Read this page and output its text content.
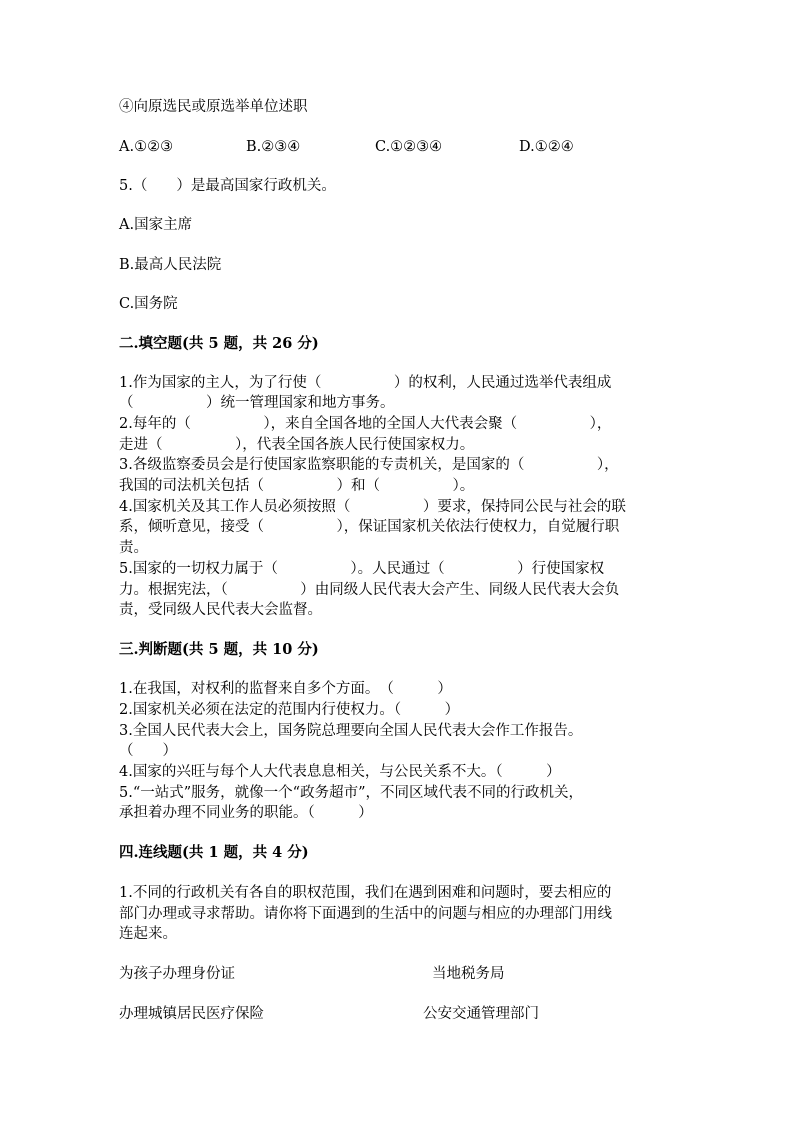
④向原选民或原选举单位述职
A.①②③	B.②③④	C.①②③④	D.①②④
5.（　　）是最高国家行政机关。
A.国家主席
B.最高人民法院
C.国务院
二.填空题(共 5 题，共 26 分)
1.作为国家的主人，为了行使（　　　　　）的权利，人民通过选举代表组成
（　　　　　）统一管理国家和地方事务。
2.每年的（　　　　　），来自全国各地的全国人大代表会聚（　　　　　），
走进（　　　　　），代表全国各族人民行使国家权力。
3.各级监察委员会是行使国家监察职能的专责机关，是国家的（　　　　　），
我国的司法机关包括（　　　　　）和（　　　　　）。
4.国家机关及其工作人员必须按照（　　　　　）要求，保持同公民与社会的联
系，倾听意见，接受（　　　　　），保证国家机关依法行使权力，自觉履行职
责。
5.国家的一切权力属于（　　　　　）。人民通过（　　　　　）行使国家权
力。根据宪法，（　　　　　）由同级人民代表大会产生、同级人民代表大会负
责，受同级人民代表大会监督。
三.判断题(共 5 题，共 10 分)
1.在我国，对权利的监督来自多个方面。　（　　　）
2.国家机关必须在法定的范围内行使权力。（　　　）
3.全国人民代表大会上，国务院总理要向全国人民代表大会作工作报告。
（　　）
4.国家的兴旺与每个人大代表息息相关，与公民关系不大。（　　　）
5.“一站式”服务，就像一个“政务超市”，不同区域代表不同的行政机关，
承担着办理不同业务的职能。（　　　）
四.连线题(共 1 题，共 4 分)
1.不同的行政机关有各自的职权范围，我们在遇到困难和问题时，要去相应的
部门办理或寻求帮助。请你将下面遇到的生活中的问题与相应的办理部门用线
连起来。
为孩子办理身份证	当地税务局
办理城镇居民医疗保险	公安交通管理部门
